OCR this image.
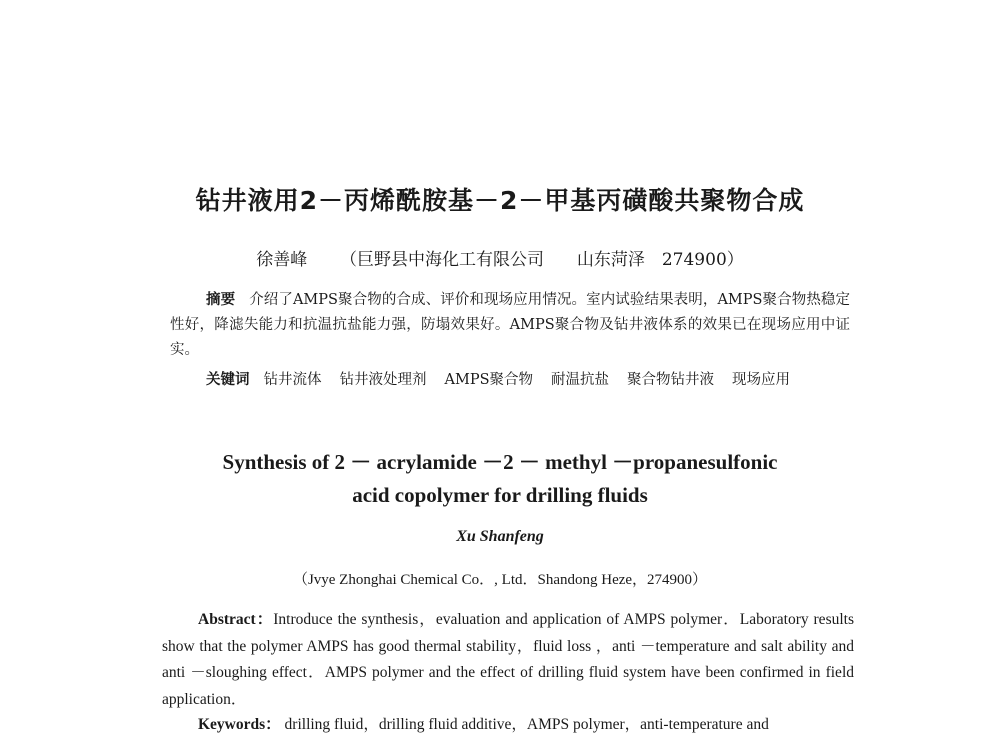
钻井液用2－丙烯酰胺基－2－甲基丙磺酸共聚物合成
徐善峰 （巨野县中海化工有限公司 山东菏泽　274900）

摘要 介绍了AMPS聚合物的合成、评价和现场应用情况。室内试验结果表明，AMPS聚合物热稳定性好，降滤失能力和抗温抗盐能力强，防塌效果好。AMPS聚合物及钻井液体系的效果已在现场应用中证实。

关键词 钻井流体 钻井液处理剂 AMPS聚合物 耐温抗盐 聚合物钻井液 现场应用

Synthesis of 2 － acrylamide －2 － methyl －propanesulfonic
acid copolymer for drilling fluids
Xu Shanfeng
（Jvye Zhonghai Chemical Co．, Ltd．Shandong Heze，274900）

Abstract：Introduce the synthesis，evaluation and application of AMPS polymer．Laboratory results show that the polymer AMPS has good thermal stability，fluid loss ，anti －temperature and salt ability and anti －sloughing effect．AMPS polymer and the effect of drilling fluid system have been confirmed in field application．

Keywords： drilling fluid，drilling fluid additive，AMPS polymer，anti-temperature and
